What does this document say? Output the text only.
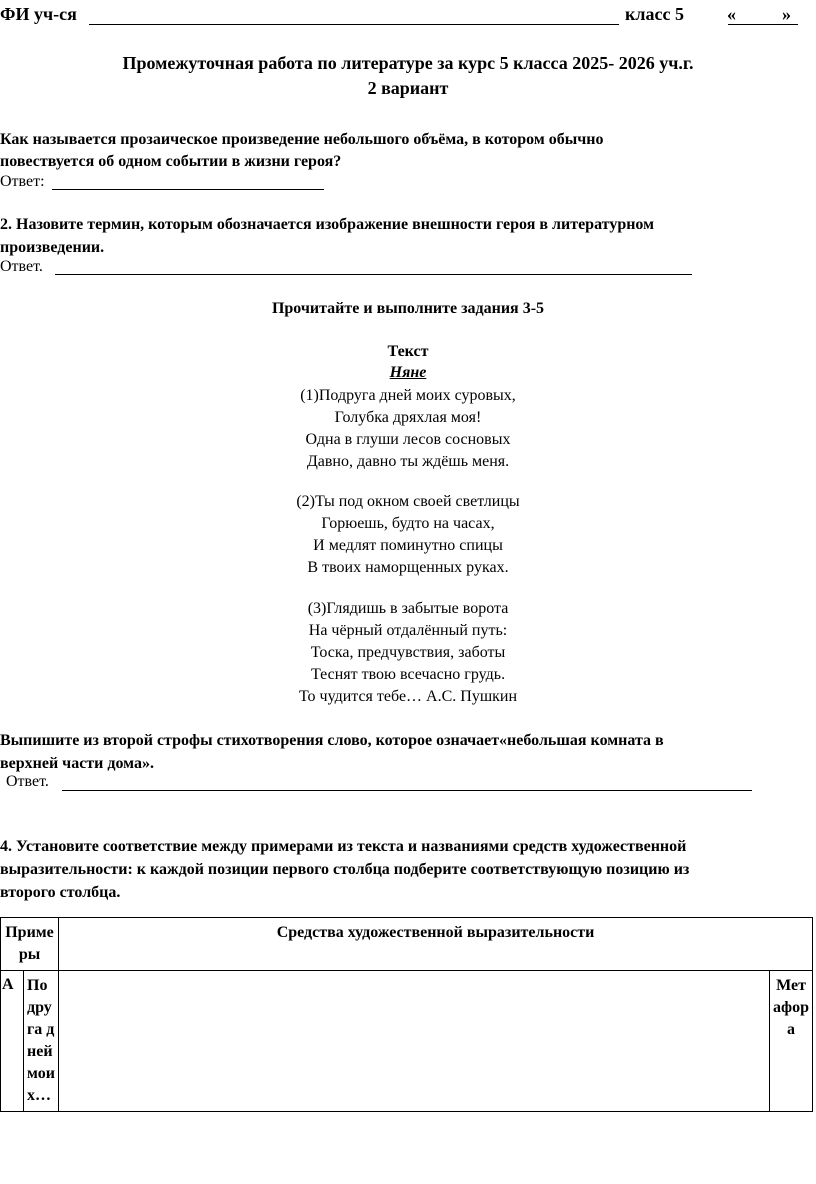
ФИ уч-ся	класс 5 «	»
Промежуточная работа по литературе за курс 5 класса 2025- 2026 уч.г.
2 вариант
Как называется прозаическое произведение небольшого объёма, в котором обычно
повествуется об одном событии в жизни героя?
Ответ:
2. Назовите термин, которым обозначается изображение внешности героя в литературном
произведении.
Ответ.
Прочитайте и выполните задания 3-5
Текст
Няне
(1)Подруга дней моих суровых,
Голубка дряхлая моя!
Одна в глуши лесов сосновых
Давно, давно ты ждёшь меня.
(2)Ты под окном своей светлицы
Горюешь, будто на часах,
И медлят поминутно спицы
В твоих наморщенных руках.
(3)Глядишь в забытые ворота
На чёрный отдалённый путь:
Тоска, предчувствия, заботы
Теснят твою всечасно грудь.
То чудится тебе… А.С. Пушкин
Выпишите из второй строфы стихотворения слово, которое означает«небольшая комната в
верхней части дома».
Ответ.
4. Установите соответствие между примерами из текста и названиями средств художественной
выразительности: к каждой позиции первого столбца подберите соответствующую позицию из
второго столбца.
Примеры		Средства художественной выразительности	
А	Подруга дней моих…		Метафора
